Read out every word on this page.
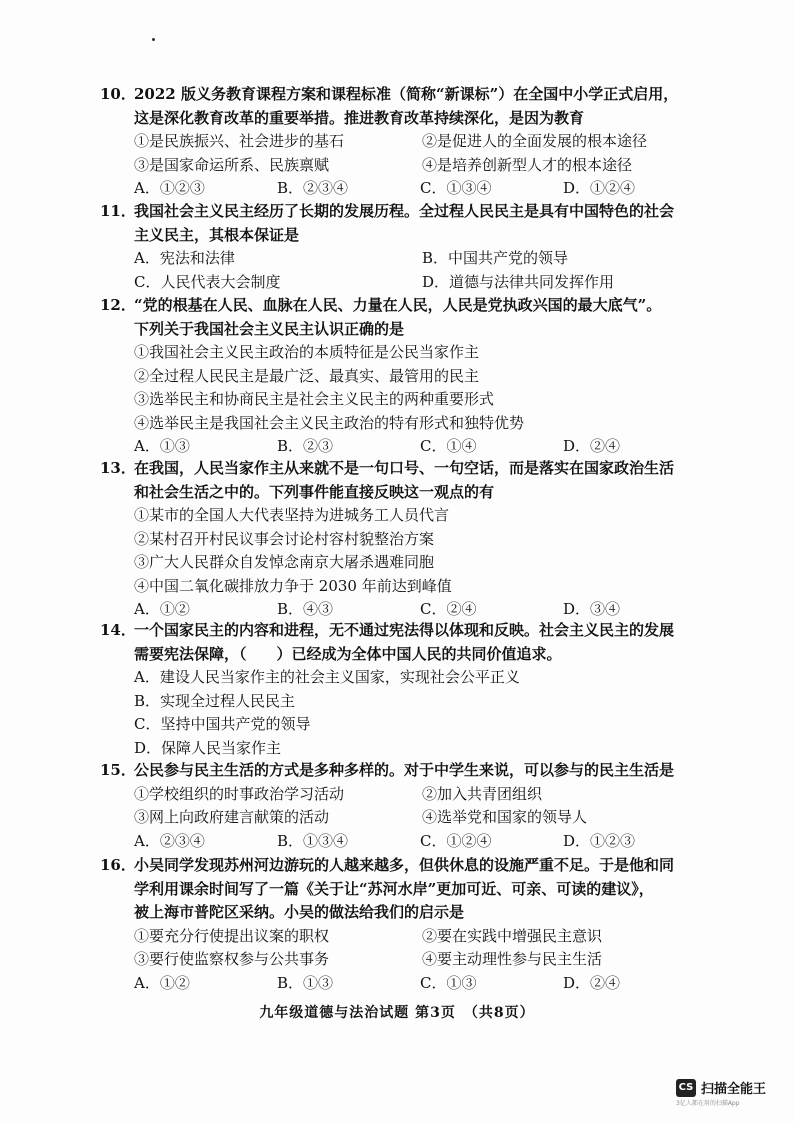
10．
2022 版义务教育课程方案和课程标准（简称“新课标”）在全国中小学正式启用，
这是深化教育改革的重要举措。推进教育改革持续深化，是因为教育
①是民族振兴、社会进步的基石	②是促进人的全面发展的根本途径
③是国家命运所系、民族禀赋	④是培养创新型人才的根本途径
A．①②③	B．②③④	C．①③④	D．①②④
11．
我国社会主义民主经历了长期的发展历程。全过程人民民主是具有中国特色的社会
主义民主，其根本保证是
A．宪法和法律	B．中国共产党的领导
C．人民代表大会制度	D．道德与法律共同发挥作用
12．
“党的根基在人民、血脉在人民、力量在人民，人民是党执政兴国的最大底气”。
下列关于我国社会主义民主认识正确的是
①我国社会主义民主政治的本质特征是公民当家作主
②全过程人民民主是最广泛、最真实、最管用的民主
③选举民主和协商民主是社会主义民主的两种重要形式
④选举民主是我国社会主义民主政治的特有形式和独特优势
A．①③	B．②③	C．①④	D．②④
13．
在我国，人民当家作主从来就不是一句口号、一句空话，而是落实在国家政治生活
和社会生活之中的。下列事件能直接反映这一观点的有
①某市的全国人大代表坚持为进城务工人员代言
②某村召开村民议事会讨论村容村貌整治方案
③广大人民群众自发悼念南京大屠杀遇难同胞
④中国二氧化碳排放力争于 2030 年前达到峰值
A．①②	B．④③	C．②④	D．③④
14．
一个国家民主的内容和进程，无不通过宪法得以体现和反映。社会主义民主的发展
需要宪法保障，（　　）已经成为全体中国人民的共同价值追求。
A．建设人民当家作主的社会主义国家，实现社会公平正义
B．实现全过程人民民主
C．坚持中国共产党的领导
D．保障人民当家作主
15．
公民参与民主生活的方式是多种多样的。对于中学生来说，可以参与的民主生活是
①学校组织的时事政治学习活动	②加入共青团组织
③网上向政府建言献策的活动	④选举党和国家的领导人
A．②③④	B．①③④	C．①②④	D．①②③
16．
小吴同学发现苏州河边游玩的人越来越多，但供休息的设施严重不足。于是他和同
学利用课余时间写了一篇《关于让“苏河水岸”更加可近、可亲、可读的建议》，
被上海市普陀区采纳。小吴的做法给我们的启示是
①要充分行使提出议案的职权	②要在实践中增强民主意识
③要行使监察权参与公共事务	④要主动理性参与民主生活
A．①②	B．①③	C．①③	D．②④
九年级道德与法治试题 第3页　（共8页）
CS 扫描全能王
3亿人都在用的扫描App
